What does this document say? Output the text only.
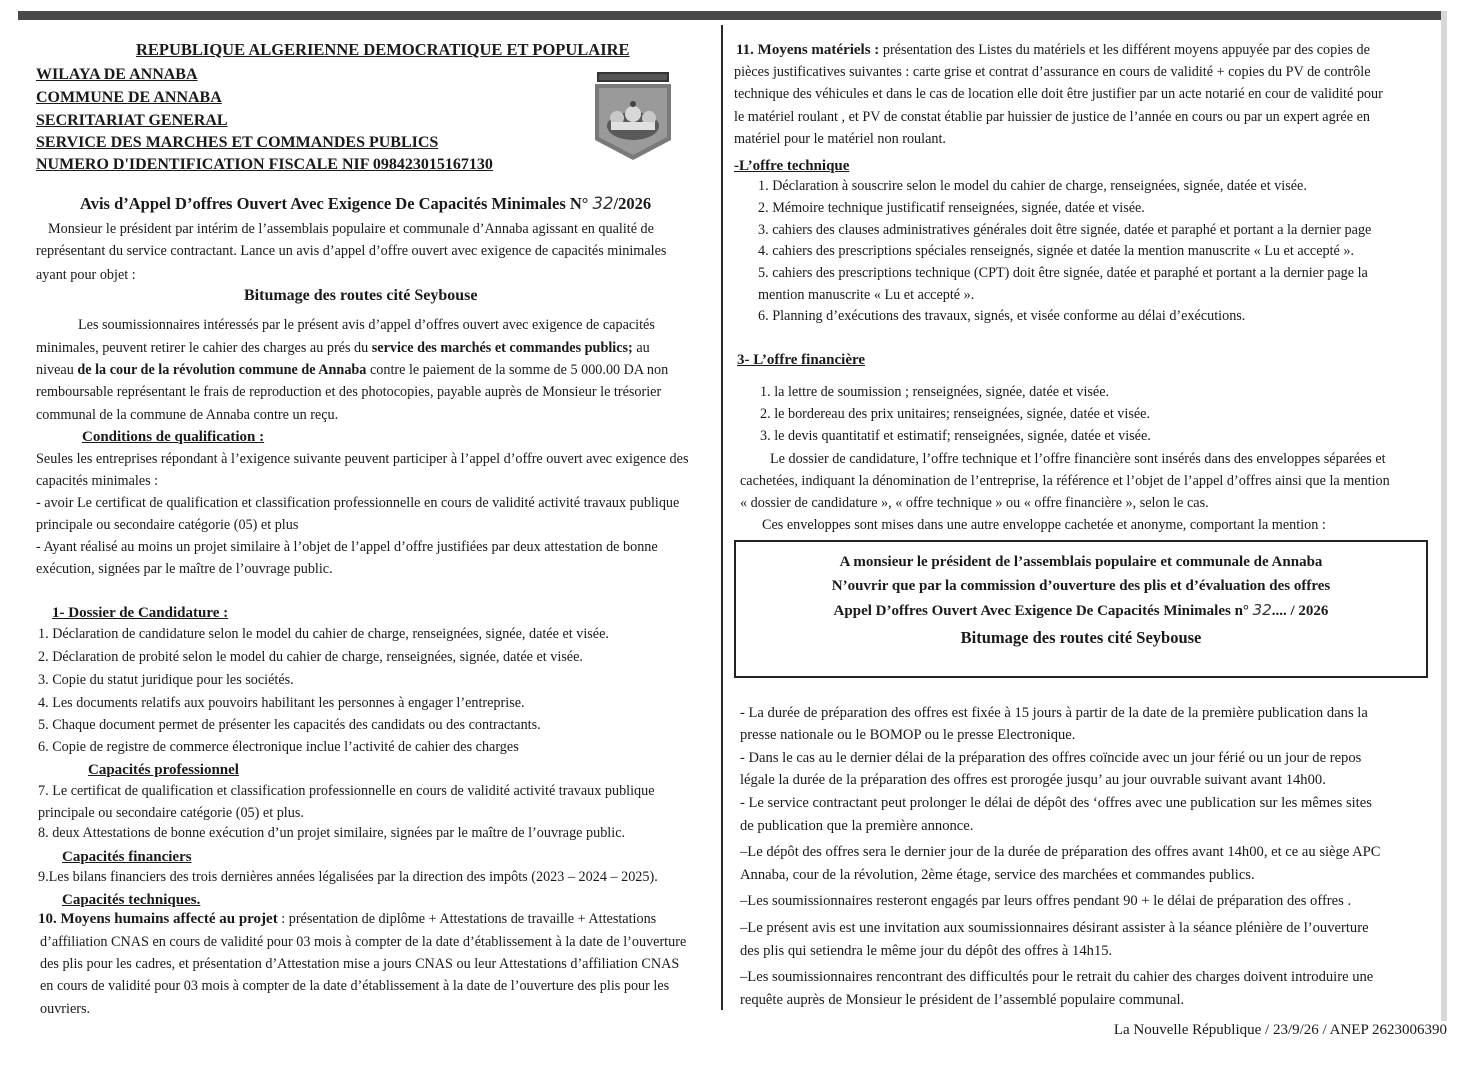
REPUBLIQUE ALGERIENNE DEMOCRATIQUE ET POPULAIRE
WILAYA DE ANNABA
COMMUNE DE ANNABA
SECRITARIAT GENERAL
SERVICE DES MARCHES ET COMMANDES PUBLICS
NUMERO D'IDENTIFICATION FISCALE NIF 098423015167130
Avis d’Appel D’offres Ouvert Avec Exigence De Capacités Minimales N° 32/2026
Monsieur le président par intérim de l’assemblais populaire et communale d’Annaba agissant en qualité de
représentant du service contractant. Lance un avis d’appel d’offre ouvert avec exigence de capacités minimales
ayant pour objet :
Bitumage des routes cité Seybouse
Les soumissionnaires intéressés par le présent avis d’appel d’offres ouvert avec exigence de capacités
minimales, peuvent retirer le cahier des charges au prés du service des marchés et commandes publics; au
niveau de la cour de la révolution commune de Annaba contre le paiement de la somme de 5 000.00 DA non
remboursable représentant le frais de reproduction et des photocopies, payable auprès de Monsieur le trésorier
communal de la commune de Annaba contre un reçu.
Conditions de qualification :
Seules les entreprises répondant à l’exigence suivante peuvent participer à l’appel d’offre ouvert avec exigence des
capacités minimales :
- avoir Le certificat de qualification et classification professionnelle en cours de validité activité travaux publique
principale ou secondaire catégorie (05) et plus
- Ayant réalisé au moins un projet similaire à l’objet de l’appel d’offre justifiées par deux attestation de bonne
exécution, signées par le maître de l’ouvrage public.
1- Dossier de Candidature :
1. Déclaration de candidature selon le model du cahier de charge, renseignées, signée, datée et visée.
2. Déclaration de probité selon le model du cahier de charge, renseignées, signée, datée et visée.
3. Copie du statut juridique pour les sociétés.
4. Les documents relatifs aux pouvoirs habilitant les personnes à engager l’entreprise.
5. Chaque document permet de présenter les capacités des candidats ou des contractants.
6. Copie de registre de commerce électronique inclue l’activité de cahier des charges
Capacités professionnel
7. Le certificat de qualification et classification professionnelle en cours de validité activité travaux publique
principale ou secondaire catégorie (05) et plus.
8. deux Attestations de bonne exécution d’un projet similaire, signées par le maître de l’ouvrage public.
Capacités financiers
9.Les bilans financiers des trois dernières années légalisées par la direction des impôts (2023 – 2024 – 2025).
Capacités techniques.
10. Moyens humains affecté au projet : présentation de diplôme + Attestations de travaille + Attestations
d’affiliation CNAS en cours de validité pour 03 mois à compter de la date d’établissement à la date de l’ouverture
des plis pour les cadres, et présentation d’Attestation mise a jours CNAS ou leur Attestations d’affiliation CNAS
en cours de validité pour 03 mois à compter de la date d’établissement à la date de l’ouverture des plis pour les
ouvriers.
11. Moyens matériels : présentation des Listes du matériels et les différent moyens appuyée par des copies de
pièces justificatives suivantes : carte grise et contrat d’assurance en cours de validité + copies du PV de contrôle
technique des véhicules et dans le cas de location elle doit être justifier par un acte notarié en cour de validité pour
le matériel roulant , et PV de constat établie par huissier de justice de l’année en cours ou par un expert agrée en
matériel pour le matériel non roulant.
-L’offre technique
1. Déclaration à souscrire selon le model du cahier de charge, renseignées, signée, datée et visée.
2. Mémoire technique justificatif renseignées, signée, datée et visée.
3. cahiers des clauses administratives générales doit être signée, datée et paraphé et portant a la dernier page
4. cahiers des prescriptions spéciales renseignés, signée et datée la mention manuscrite « Lu et accepté ».
5. cahiers des prescriptions technique (CPT) doit être signée, datée et paraphé et portant a la dernier page la
mention manuscrite « Lu et accepté ».
6. Planning d’exécutions des travaux, signés, et visée conforme au délai d’exécutions.
3- L’offre financière
1. la lettre de soumission ; renseignées, signée, datée et visée.
2. le bordereau des prix unitaires; renseignées, signée, datée et visée.
3. le devis quantitatif et estimatif; renseignées, signée, datée et visée.
Le dossier de candidature, l’offre technique et l’offre financière sont insérés dans des enveloppes séparées et
cachetées, indiquant la dénomination de l’entreprise, la référence et l’objet de l’appel d’offres ainsi que la mention
« dossier de candidature », « offre technique » ou « offre financière », selon le cas.
Ces enveloppes sont mises dans une autre enveloppe cachetée et anonyme, comportant la mention :
A monsieur le président de l’assemblais populaire et communale de Annaba
N’ouvrir que par la commission d’ouverture des plis et d’évaluation des offres
Appel D’offres Ouvert Avec Exigence De Capacités Minimales n° 32.... / 2026
Bitumage des routes cité Seybouse
- La durée de préparation des offres est fixée à 15 jours à partir de la date de la première publication dans la
presse nationale ou le BOMOP ou le presse Electronique.
- Dans le cas au le dernier délai de la préparation des offres coïncide avec un jour férié ou un jour de repos
légale la durée de la préparation des offres est prorogée jusqu’ au jour ouvrable suivant avant 14h00.
- Le service contractant peut prolonger le délai de dépôt des ‘offres avec une publication sur les mêmes sites
de publication que la première annonce.
–Le dépôt des offres sera le dernier jour de la durée de préparation des offres avant 14h00, et ce au siège APC
Annaba, cour de la révolution, 2ème étage, service des marchées et commandes publics.
–Les soumissionnaires resteront engagés par leurs offres pendant 90 + le délai de préparation des offres .
–Le présent avis est une invitation aux soumissionnaires désirant assister à la séance plénière de l’ouverture
des plis qui setiendra le même jour du dépôt des offres à 14h15.
–Les soumissionnaires rencontrant des difficultés pour le retrait du cahier des charges doivent introduire une
requête auprès de Monsieur le président de l’assemblé populaire communal.
La Nouvelle République / 23/9/26 / ANEP 2623006390
